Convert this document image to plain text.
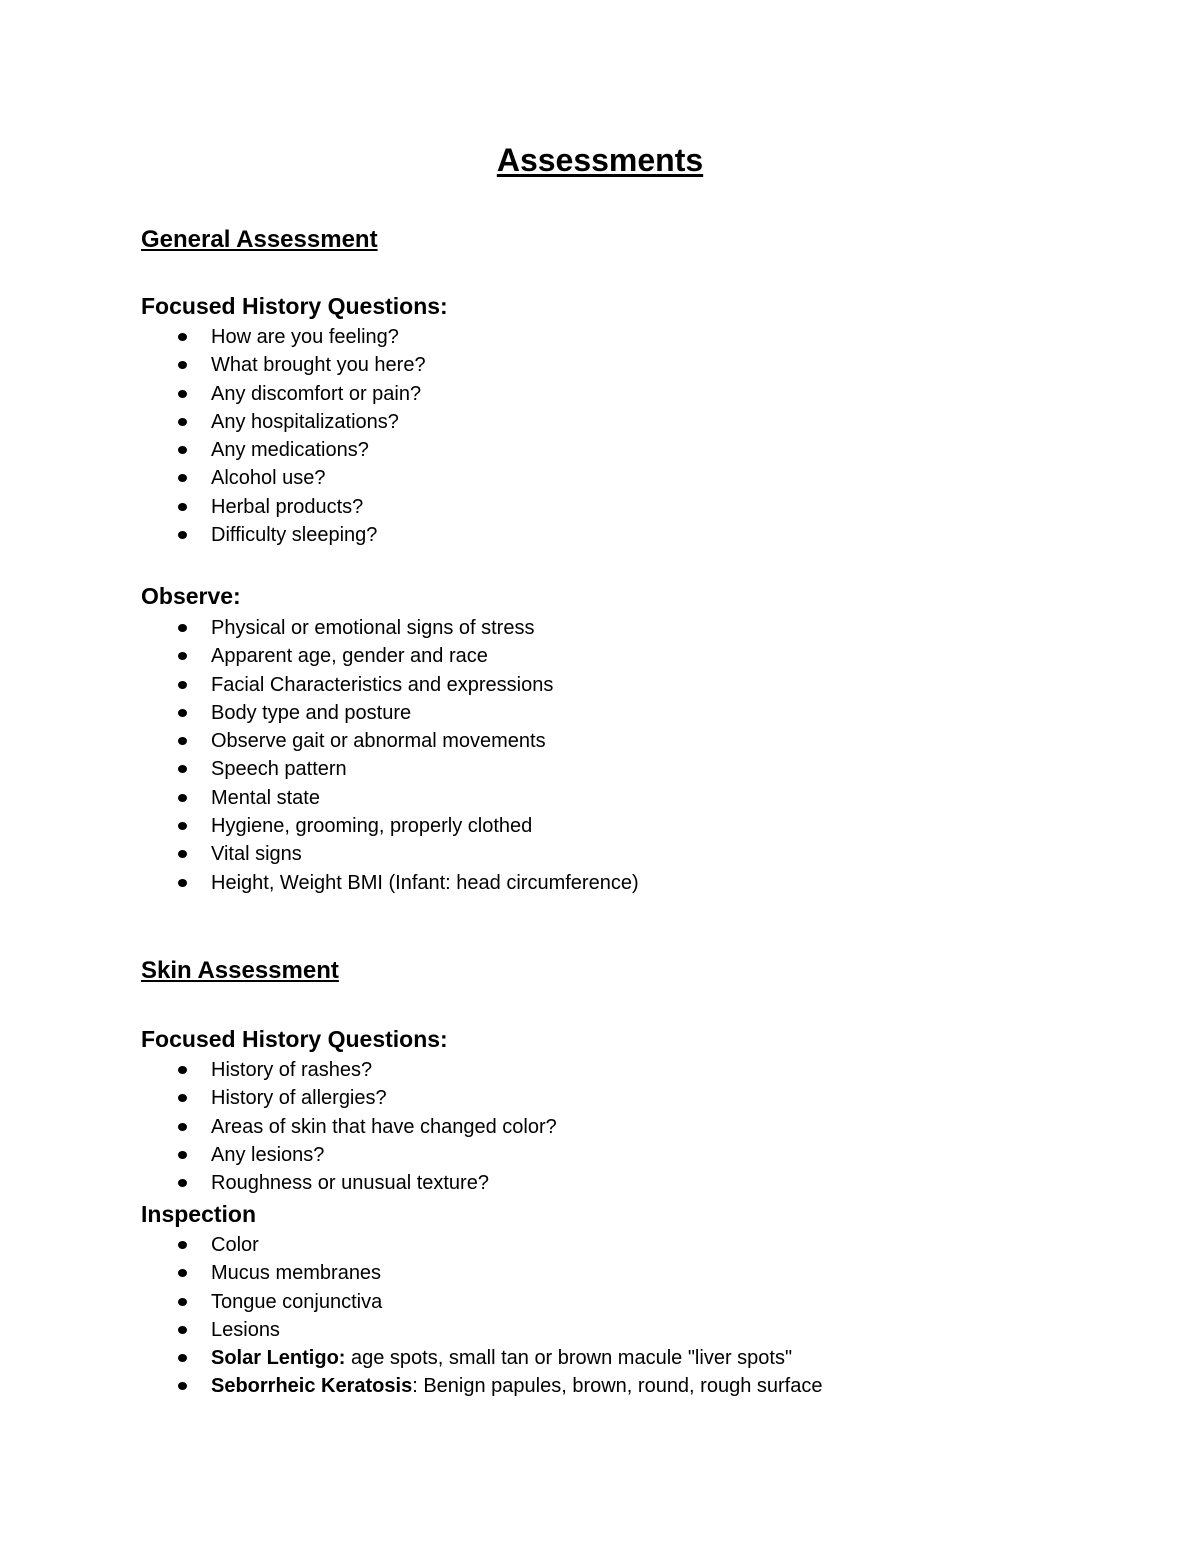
Assessments
General Assessment
Focused History Questions:
How are you feeling?
What brought you here?
Any discomfort or pain?
Any hospitalizations?
Any medications?
Alcohol use?
Herbal products?
Difficulty sleeping?
Observe:
Physical or emotional signs of stress
Apparent age, gender and race
Facial Characteristics and expressions
Body type and posture
Observe gait or abnormal movements
Speech pattern
Mental state
Hygiene, grooming, properly clothed
Vital signs
Height, Weight BMI (Infant: head circumference)
Skin Assessment
Focused History Questions:
History of rashes?
History of allergies?
Areas of skin that have changed color?
Any lesions?
Roughness or unusual texture?
Inspection
Color
Mucus membranes
Tongue conjunctiva
Lesions
Solar Lentigo: age spots, small tan or brown macule "liver spots"
Seborrheic Keratosis: Benign papules, brown, round, rough surface
